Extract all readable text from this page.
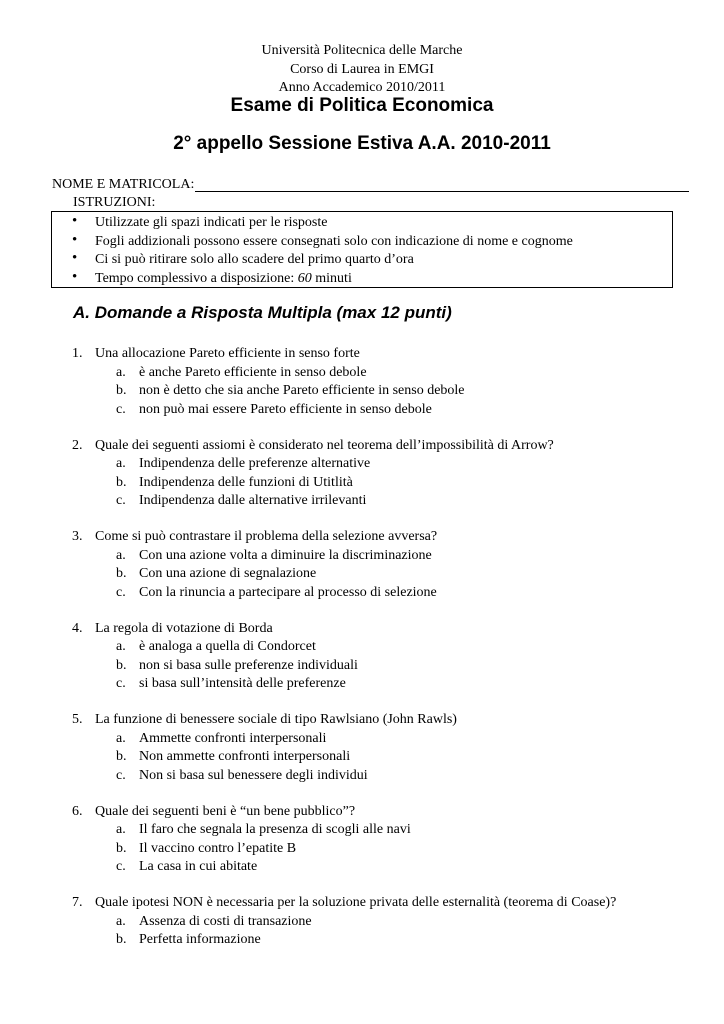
Università Politecnica delle Marche
Corso di Laurea in EMGI
Anno Accademico 2010/2011
Esame di Politica Economica
2° appello Sessione Estiva A.A. 2010-2011
NOME E MATRICOLA:
ISTRUZIONI:
• Utilizzate gli spazi indicati per le risposte
• Fogli addizionali possono essere consegnati solo con indicazione di nome e cognome
• Ci si può ritirare solo allo scadere del primo quarto d’ora
• Tempo complessivo a disposizione: 60 minuti
A. Domande a Risposta Multipla (max 12 punti)
1. Una allocazione Pareto efficiente in senso forte
a. è anche Pareto efficiente in senso debole
b. non è detto che sia anche Pareto efficiente in senso debole
c. non può mai essere Pareto efficiente in senso debole
2. Quale dei seguenti assiomi è considerato nel teorema dell’impossibilità di Arrow?
a. Indipendenza delle preferenze alternative
b. Indipendenza delle funzioni di Utitlità
c. Indipendenza dalle alternative irrilevanti
3. Come si può contrastare il problema della selezione avversa?
a. Con una azione volta a diminuire la discriminazione
b. Con una azione di segnalazione
c. Con la rinuncia a partecipare al processo di selezione
4. La regola di votazione di Borda
a. è analoga a quella di Condorcet
b. non si basa sulle preferenze individuali
c. si basa sull’intensità delle preferenze
5. La funzione di benessere sociale di tipo Rawlsiano (John Rawls)
a. Ammette confronti interpersonali
b. Non ammette confronti interpersonali
c. Non si basa sul benessere degli individui
6. Quale dei seguenti beni è “un bene pubblico”?
a. Il faro che segnala la presenza di scogli alle navi
b. Il vaccino contro l’epatite B
c. La casa in cui abitate
7. Quale ipotesi NON è necessaria per la soluzione privata delle esternalità (teorema di Coase)?
a. Assenza di costi di transazione
b. Perfetta informazione
